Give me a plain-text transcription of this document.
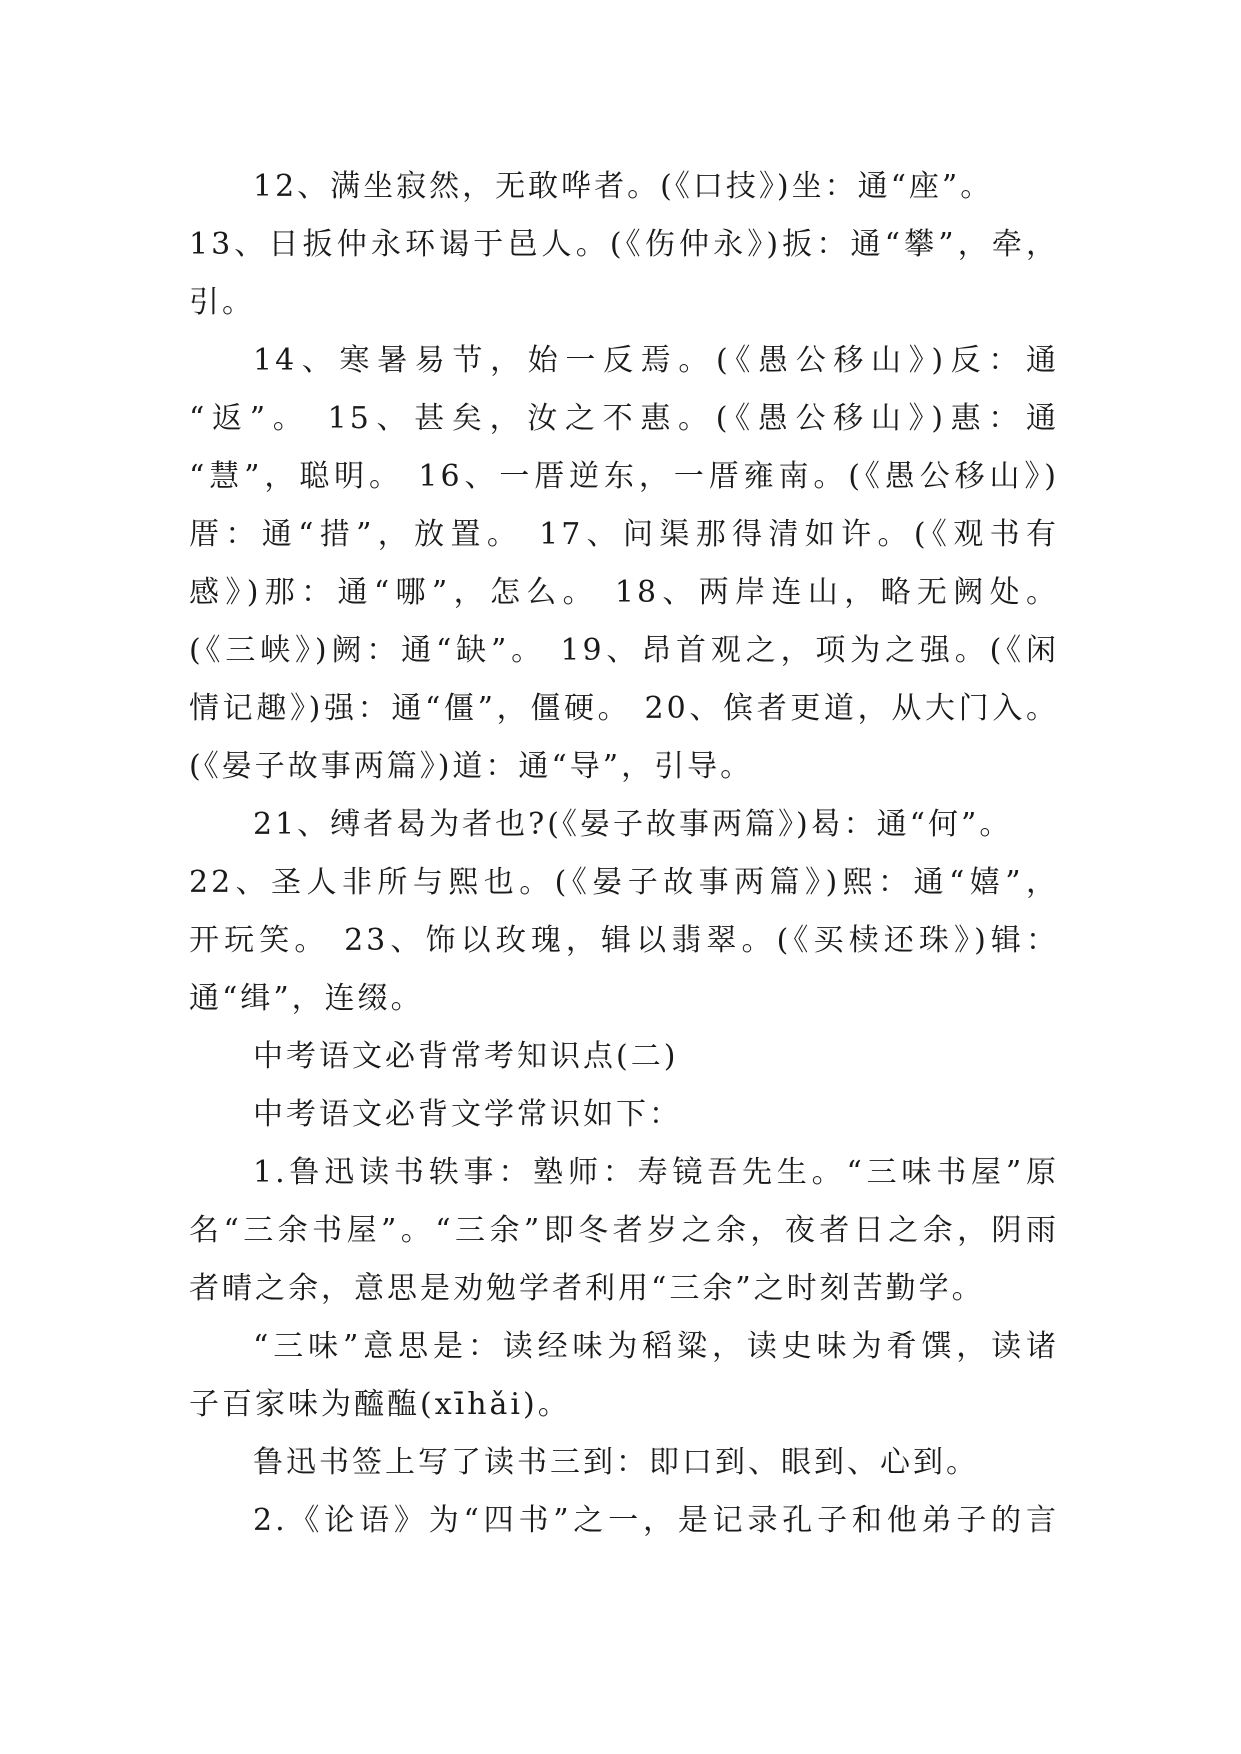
12、满坐寂然，无敢哗者。(《口技》)坐：通“座”。
13、日扳仲永环谒于邑人。(《伤仲永》)扳：通“攀”，牵，
引。
14、寒暑易节，始一反焉。(《愚公移山》)反：通
“返”。 15、甚矣，汝之不惠。(《愚公移山》)惠：通
“慧”，聪明。 16、一厝逆东，一厝雍南。(《愚公移山》)
厝：通“措”，放置。 17、问渠那得清如许。(《观书有
感》)那：通“哪”，怎么。 18、两岸连山，略无阙处。
(《三峡》)阙：通“缺”。 19、昂首观之，项为之强。(《闲
情记趣》)强：通“僵”，僵硬。 20、傧者更道，从大门入。
(《晏子故事两篇》)道：通“导”，引导。
21、缚者曷为者也?(《晏子故事两篇》)曷：通“何”。
22、圣人非所与熙也。(《晏子故事两篇》)熙：通“嬉”，
开玩笑。 23、饰以玫瑰，辑以翡翠。(《买椟还珠》)辑：
通“缉”，连缀。
中考语文必背常考知识点(二)
中考语文必背文学常识如下：
1.鲁迅读书轶事：塾师：寿镜吾先生。“三味书屋”原
名“三余书屋”。“三余”即冬者岁之余，夜者日之余，阴雨
者晴之余，意思是劝勉学者利用“三余”之时刻苦勤学。
“三味”意思是：读经味为稻粱，读史味为肴馔，读诸
子百家味为醯醢(xīhǎi)。
鲁迅书签上写了读书三到：即口到、眼到、心到。
2.《论语》为“四书”之一，是记录孔子和他弟子的言
